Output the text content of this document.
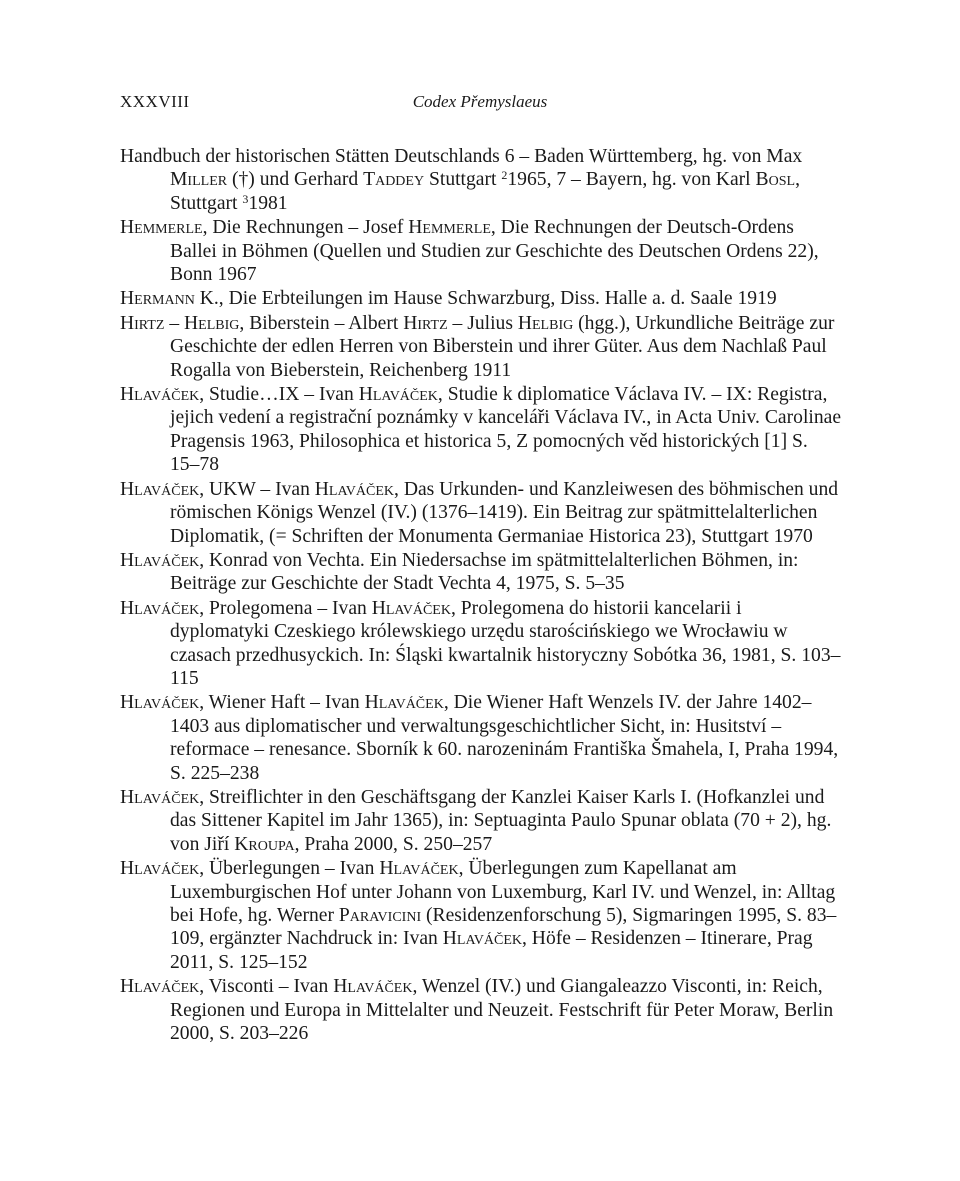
XXXVIII	Codex Přemyslaeus

Handbuch der historischen Stätten Deutschlands 6 – Baden Württemberg, hg. von Max Miller (†) und Gerhard Taddey Stuttgart $^2$1965, 7 – Bayern, hg. von Karl Bosl, Stuttgart $^3$1981

Hemmerle, Die Rechnungen – Josef Hemmerle, Die Rechnungen der Deutsch-Ordens Ballei in Böhmen (Quellen und Studien zur Geschichte des Deutschen Ordens 22), Bonn 1967

Hermann K., Die Erbteilungen im Hause Schwarzburg, Diss. Halle a. d. Saale 1919

Hirtz – Helbig, Biberstein – Albert Hirtz – Julius Helbig (hgg.), Urkundliche Beiträge zur Geschichte der edlen Herren von Biberstein und ihrer Güter. Aus dem Nachlaß Paul Rogalla von Bieberstein, Reichenberg 1911

Hlaváček, Studie…IX – Ivan Hlaváček, Studie k diplomatice Václava IV. – IX: Registra, jejich vedení a registrační poznámky v kanceláři Václava IV., in Acta Univ. Carolinae Pragensis 1963, Philosophica et historica 5, Z pomocných věd historických [1] S. 15–78

Hlaváček, UKW – Ivan Hlaváček, Das Urkunden- und Kanzleiwesen des böhmischen und römischen Königs Wenzel (IV.) (1376–1419). Ein Beitrag zur spätmittelalterlichen Diplomatik, (= Schriften der Monumenta Germaniae Historica 23), Stuttgart 1970

Hlaváček, Konrad von Vechta. Ein Niedersachse im spätmittelalterlichen Böhmen, in: Beiträge zur Geschichte der Stadt Vechta 4, 1975, S. 5–35

Hlaváček, Prolegomena – Ivan Hlaváček, Prolegomena do historii kancelarii i dyplomatyki Czeskiego królewskiego urzędu starościńskiego we Wrocławiu w czasach przedhusyckich. In: Śląski kwartalnik historyczny Sobótka 36, 1981, S. 103–115

Hlaváček, Wiener Haft – Ivan Hlaváček, Die Wiener Haft Wenzels IV. der Jahre 1402–1403 aus diplomatischer und verwaltungsgeschichtlicher Sicht, in: Husitství – reformace – renesance. Sborník k 60. narozeninám Františka Šmahela, I, Praha 1994, S. 225–238

Hlaváček, Streiflichter in den Geschäftsgang der Kanzlei Kaiser Karls I. (Hofkanzlei und das Sittener Kapitel im Jahr 1365), in: Septuaginta Paulo Spunar oblata (70 + 2), hg. von Jiří Kroupa, Praha 2000, S. 250–257

Hlaváček, Überlegungen – Ivan Hlaváček, Überlegungen zum Kapellanat am Luxemburgischen Hof unter Johann von Luxemburg, Karl IV. und Wenzel, in: Alltag bei Hofe, hg. Werner Paravicini (Residenzenforschung 5), Sigmaringen 1995, S. 83–109, ergänzter Nachdruck in: Ivan Hlaváček, Höfe – Residenzen – Itinerare, Prag 2011, S. 125–152

Hlaváček, Visconti – Ivan Hlaváček, Wenzel (IV.) und Giangaleazzo Visconti, in: Reich, Regionen und Europa in Mittelalter und Neuzeit. Festschrift für Peter Moraw, Berlin 2000, S. 203–226
